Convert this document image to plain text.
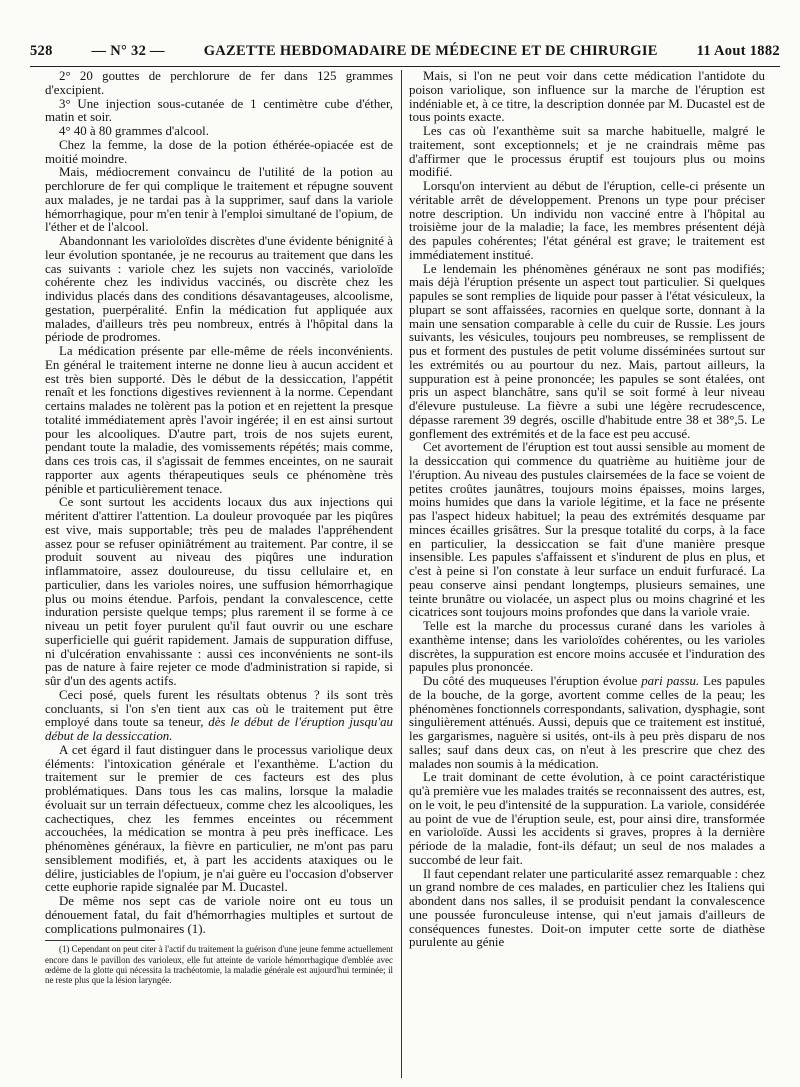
528	— N° 32 —	GAZETTE HEBDOMADAIRE DE MÉDECINE ET DE CHIRURGIE	11 Aout 1882

2° 20 gouttes de perchlorure de fer dans 125 grammes d'excipient.

3° Une injection sous-cutanée de 1 centimètre cube d'éther, matin et soir.

4° 40 à 80 grammes d'alcool.

Chez la femme, la dose de la potion éthérée-opiacée est de moitié moindre.

Mais, médiocrement convaincu de l'utilité de la potion au perchlorure de fer qui complique le traitement et répugne souvent aux malades, je ne tardai pas à la supprimer, sauf dans la variole hémorrhagique, pour m'en tenir à l'emploi simultané de l'opium, de l'éther et de l'alcool.

Abandonnant les varioloïdes discrètes d'une évidente bénignité à leur évolution spontanée, je ne recourus au traitement que dans les cas suivants : variole chez les sujets non vaccinés, varioloïde cohérente chez les individus vaccinés, ou discrète chez les individus placés dans des conditions désavantageuses, alcoolisme, gestation, puerpéralité. Enfin la médication fut appliquée aux malades, d'ailleurs très peu nombreux, entrés à l'hôpital dans la période de prodromes.

La médication présente par elle-même de réels inconvénients. En général le traitement interne ne donne lieu à aucun accident et est très bien supporté. Dès le début de la dessiccation, l'appétit renaît et les fonctions digestives reviennent à la norme. Cependant certains malades ne tolèrent pas la potion et en rejettent la presque totalité immédiatement après l'avoir ingérée; il en est ainsi surtout pour les alcooliques. D'autre part, trois de nos sujets eurent, pendant toute la maladie, des vomissements répétés; mais comme, dans ces trois cas, il s'agissait de femmes enceintes, on ne saurait rapporter aux agents thérapeutiques seuls ce phénomène très pénible et particulièrement tenace.

Ce sont surtout les accidents locaux dus aux injections qui méritent d'attirer l'attention. La douleur provoquée par les piqûres est vive, mais supportable; très peu de malades l'appréhendent assez pour se refuser opiniâtrément au traitement. Par contre, il se produit souvent au niveau des piqûres une induration inflammatoire, assez douloureuse, du tissu cellulaire et, en particulier, dans les varioles noires, une suffusion hémorrhagique plus ou moins étendue. Parfois, pendant la convalescence, cette induration persiste quelque temps; plus rarement il se forme à ce niveau un petit foyer purulent qu'il faut ouvrir ou une eschare superficielle qui guérit rapidement. Jamais de suppuration diffuse, ni d'ulcération envahissante : aussi ces inconvénients ne sont-ils pas de nature à faire rejeter ce mode d'administration si rapide, si sûr d'un des agents actifs.

Ceci posé, quels furent les résultats obtenus ? ils sont très concluants, si l'on s'en tient aux cas où le traitement put être employé dans toute sa teneur, dès le début de l'éruption jusqu'au début de la dessiccation.

A cet égard il faut distinguer dans le processus variolique deux éléments: l'intoxication générale et l'exanthème. L'action du traitement sur le premier de ces facteurs est des plus problématiques. Dans tous les cas malins, lorsque la maladie évoluait sur un terrain défectueux, comme chez les alcooliques, les cachectiques, chez les femmes enceintes ou récemment accouchées, la médication se montra à peu près inefficace. Les phénomènes généraux, la fièvre en particulier, ne m'ont pas paru sensiblement modifiés, et, à part les accidents ataxiques ou le délire, justiciables de l'opium, je n'ai guère eu l'occasion d'observer cette euphorie rapide signalée par M. Ducastel.

De même nos sept cas de variole noire ont eu tous un dénouement fatal, du fait d'hémorrhagies multiples et surtout de complications pulmonaires (1).

(1) Cependant on peut citer à l'actif du traitement la guérison d'une jeune femme actuellement encore dans le pavillon des varioleux, elle fut atteinte de variole hémorrhagique d'emblée avec œdème de la glotte qui nécessita la trachéotomie, la maladie générale est aujourd'hui terminée; il ne reste plus que la lésion laryngée.

Mais, si l'on ne peut voir dans cette médication l'antidote du poison variolique, son influence sur la marche de l'éruption est indéniable et, à ce titre, la description donnée par M. Ducastel est de tous points exacte.

Les cas où l'exanthème suit sa marche habituelle, malgré le traitement, sont exceptionnels; et je ne craindrais même pas d'affirmer que le processus éruptif est toujours plus ou moins modifié.

Lorsqu'on intervient au début de l'éruption, celle-ci présente un véritable arrêt de développement. Prenons un type pour préciser notre description. Un individu non vacciné entre à l'hôpital au troisième jour de la maladie; la face, les membres présentent déjà des papules cohérentes; l'état général est grave; le traitement est immédiatement institué.

Le lendemain les phénomènes généraux ne sont pas modifiés; mais déjà l'éruption présente un aspect tout particulier. Si quelques papules se sont remplies de liquide pour passer à l'état vésiculeux, la plupart se sont affaissées, racornies en quelque sorte, donnant à la main une sensation comparable à celle du cuir de Russie. Les jours suivants, les vésicules, toujours peu nombreuses, se remplissent de pus et forment des pustules de petit volume disséminées surtout sur les extrémités ou au pourtour du nez. Mais, partout ailleurs, la suppuration est à peine prononcée; les papules se sont étalées, ont pris un aspect blanchâtre, sans qu'il se soit formé à leur niveau d'élevure pustuleuse. La fièvre a subi une légère recrudescence, dépasse rarement 39 degrés, oscille d'habitude entre 38 et 38°,5. Le gonflement des extrémités et de la face est peu accusé.

Cet avortement de l'éruption est tout aussi sensible au moment de la dessiccation qui commence du quatrième au huitième jour de l'éruption. Au niveau des pustules clairsemées de la face se voient de petites croûtes jaunâtres, toujours moins épaisses, moins larges, moins humides que dans la variole légitime, et la face ne présente pas l'aspect hideux habituel; la peau des extrémités desquame par minces écailles grisâtres. Sur la presque totalité du corps, à la face en particulier, la dessiccation se fait d'une manière presque insensible. Les papules s'affaissent et s'indurent de plus en plus, et c'est à peine si l'on constate à leur surface un enduit furfuracé. La peau conserve ainsi pendant longtemps, plusieurs semaines, une teinte brunâtre ou violacée, un aspect plus ou moins chagriné et les cicatrices sont toujours moins profondes que dans la variole vraie.

Telle est la marche du processus curané dans les varioles à exanthème intense; dans les varioloïdes cohérentes, ou les varioles discrètes, la suppuration est encore moins accusée et l'induration des papules plus prononcée.

Du côté des muqueuses l'éruption évolue pari passu. Les papules de la bouche, de la gorge, avortent comme celles de la peau; les phénomènes fonctionnels correspondants, salivation, dysphagie, sont singulièrement atténués. Aussi, depuis que ce traitement est institué, les gargarismes, naguère si usités, ont-ils à peu près disparu de nos salles; sauf dans deux cas, on n'eut à les prescrire que chez des malades non soumis à la médication.

Le trait dominant de cette évolution, à ce point caractéristique qu'à première vue les malades traités se reconnaissent des autres, est, on le voit, le peu d'intensité de la suppuration. La variole, considérée au point de vue de l'éruption seule, est, pour ainsi dire, transformée en varioloïde. Aussi les accidents si graves, propres à la dernière période de la maladie, font-ils défaut; un seul de nos malades a succombé de leur fait.

Il faut cependant relater une particularité assez remarquable : chez un grand nombre de ces malades, en particulier chez les Italiens qui abondent dans nos salles, il se produisit pendant la convalescence une poussée furonculeuse intense, qui n'eut jamais d'ailleurs de conséquences funestes. Doit-on imputer cette sorte de diathèse purulente au génie
